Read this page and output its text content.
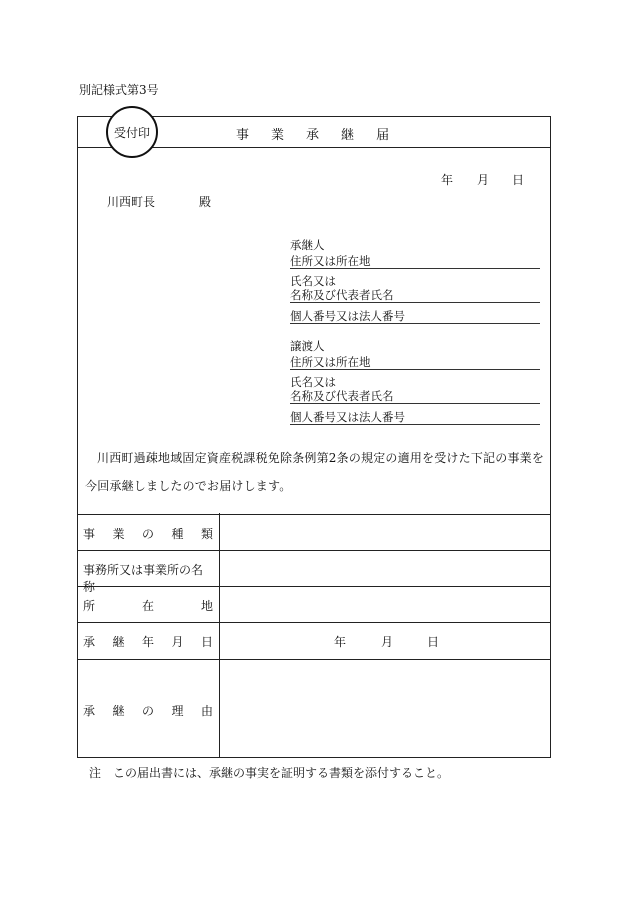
別記様式第3号
受付印	事業承継届
年 月 日
川西町長	殿
承継人
住所又は所在地
氏名又は
名称及び代表者氏名
個人番号又は法人番号
譲渡人
住所又は所在地
氏名又は
名称及び代表者氏名
個人番号又は法人番号
川西町過疎地域固定資産税課税免除条例第2条の規定の適用を受けた下記の事業を今回承継しましたのでお届けします。
事 業 の 種 類
事務所又は事業所の名称
所	在	地
承 継 年 月 日	年	月	日
承 継 の 理 由
注　この届出書には、承継の事実を証明する書類を添付すること。
